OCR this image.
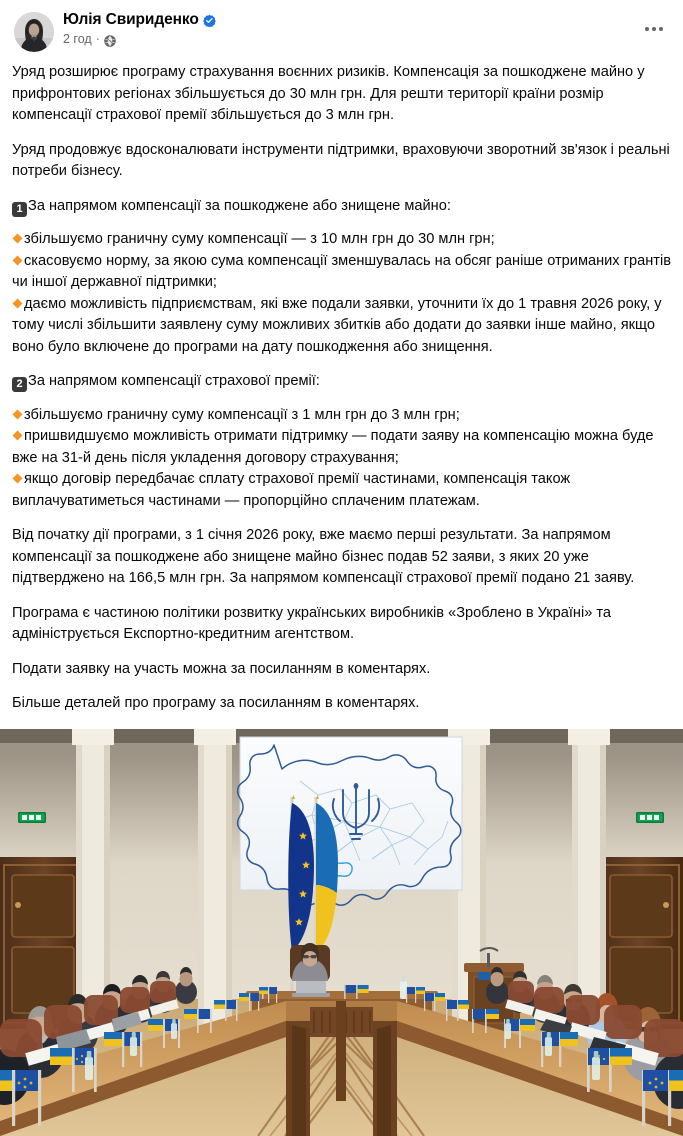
Юлія Свириденко
2 год ·

Уряд розширює програму страхування воєнних ризиків. Компенсація за пошкоджене майно у прифронтових регіонах збільшується до 30 млн грн. Для решти території країни розмір компенсації страхової премії збільшується до 3 млн грн.

Уряд продовжує вдосконалювати інструменти підтримки, враховуючи зворотний зв'язок і реальні потреби бізнесу.

1 За напрямом компенсації за пошкоджене або знищене майно:
збільшуємо граничну суму компенсації — з 10 млн грн до 30 млн грн;
скасовуємо норму, за якою сума компенсації зменшувалась на обсяг раніше отриманих грантів чи іншої державної підтримки;
даємо можливість підприємствам, які вже подали заявки, уточнити їх до 1 травня 2026 року, у тому числі збільшити заявлену суму можливих збитків або додати до заявки інше майно, якщо воно було включене до програми на дату пошкодження або знищення.
2 За напрямом компенсації страхової премії:
збільшуємо граничну суму компенсації з 1 млн грн до 3 млн грн;
пришвидшуємо можливість отримати підтримку — подати заяву на компенсацію можна буде вже на 31-й день після укладення договору страхування;
якщо договір передбачає сплату страхової премії частинами, компенсація також виплачуватиметься частинами — пропорційно сплаченим платежам.

Від початку дії програми, з 1 січня 2026 року, вже маємо перші результати. За напрямом компенсації за пошкоджене або знищене майно бізнес подав 52 заяви, з яких 20 уже підтверджено на 166,5 млн грн. За напрямом компенсації страхової премії подано 21 заяву.

Програма є частиною політики розвитку українських виробників «Зроблено в Україні» та адмініструється Експортно-кредитним агентством.

Подати заявку на участь можна за посиланням в коментарях.

Більше деталей про програму за посиланням в коментарях.
